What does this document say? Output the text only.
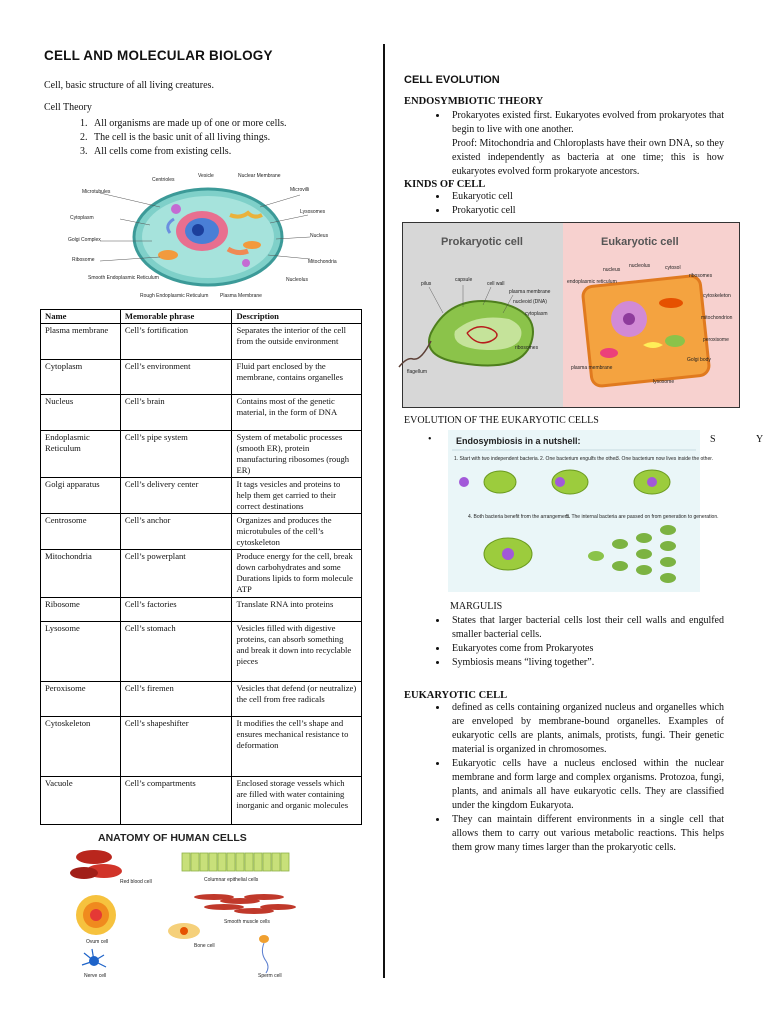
CELL AND MOLECULAR BIOLOGY
Cell, basic structure of all living creatures.
Cell Theory
1. All organisms are made up of one or more cells.
2. The cell is the basic unit of all living things.
3. All cells come from existing cells.
Microtubules
Centrioles
Vesicle	Nuclear Membrane
Microvilli
Cytoplasm
Lysosomes
Golgi Complex
Nucleus
Ribosome	Mitochondria
Smooth Endoplasmic Reticulum
Rough Endoplasmic Reticulum Plasma Membrane
Nucleolus
Name	Memorable phrase	Description
Plasma membrane	Cell’s fortification	Separates the interior of the cell from the outside environment
Cytoplasm	Cell’s environment	Fluid part enclosed by the membrane, contains organelles
Nucleus	Cell’s brain	Contains most of the genetic material, in the form of DNA
Endoplasmic Reticulum	Cell’s pipe system	System of metabolic processes (smooth ER), protein manufacturing ribosomes (rough ER)
Golgi apparatus	Cell’s delivery center	It tags vesicles and proteins to help them get carried to their correct destinations
Centrosome	Cell’s anchor	Organizes and produces the microtubules of the cell’s cytoskeleton
Mitochondria	Cell’s powerplant	Produce energy for the cell, break down carbohydrates and some Durations lipids to form molecule ATP
Ribosome	Cell’s factories	Translate RNA into proteins
Lysosome	Cell’s stomach	Vesicles filled with digestive proteins, can absorb something and break it down into recyclable pieces
Peroxisome	Cell’s firemen	Vesicles that defend (or neutralize) the cell from free radicals
Cytoskeleton	Cell’s shapeshifter	It modifies the cell’s shape and ensures mechanical resistance to deformation
Vacuole	Cell’s compartments	Enclosed storage vessels which are filled with water containing inorganic and organic molecules
ANATOMY OF HUMAN CELLS
Red blood cell	Columnar epithelial cells
Smooth muscle cells
Ovum cell
Bone cell
Nerve cell	Sperm cell
CELL EVOLUTION
ENDOSYMBIOTIC THEORY
• Prokaryotes existed first. Eukaryotes evolved from prokaryotes that begin to live with one another.
Proof: Mitochondria and Chloroplasts have their own DNA, so they existed independently as bacteria at one time; this is how eukaryotes evolved form prokaryote ancestors.
KINDS OF CELL
• Eukaryotic cell
• Prokaryotic cell
Prokaryotic cell	Eukaryotic cell
pilus
capsule
cell wall
plasma membrane
nucleoid (DNA)
cytoplasm
ribosomes
flagellum
nucleus
nucleolus	cytosol
ribosomes
endoplasmic reticulum
cytoskeleton
mitochondrion
peroxisome
Golgi body
plasma membrane
lysosome
EVOLUTION OF THE EUKARYOTIC CELLS
•	S	Y
Endosymbiosis in a nutshell:
1. Start with two independent bacteria. 2. One bacterium engulfs the other.
3. One bacterium now lives inside the other.
4. Both bacteria benefit from the arrangement.
5. The internal bacteria are passed on from generation to generation.
MARGULIS
• States that larger bacterial cells lost their cell walls and engulfed smaller bacterial cells.
• Eukaryotes come from Prokaryotes
• Symbiosis means “living together”.
EUKARYOTIC CELL
• defined as cells containing organized nucleus and organelles which are enveloped by membrane-bound organelles. Examples of eukaryotic cells are plants, animals, protists, fungi. Their genetic material is organized in chromosomes.
• Eukaryotic cells have a nucleus enclosed within the nuclear membrane and form large and complex organisms. Protozoa, fungi, plants, and animals all have eukaryotic cells. They are classified under the kingdom Eukaryota.
• They can maintain different environments in a single cell that allows them to carry out various metabolic reactions. This helps them grow many times larger than the prokaryotic cells.
